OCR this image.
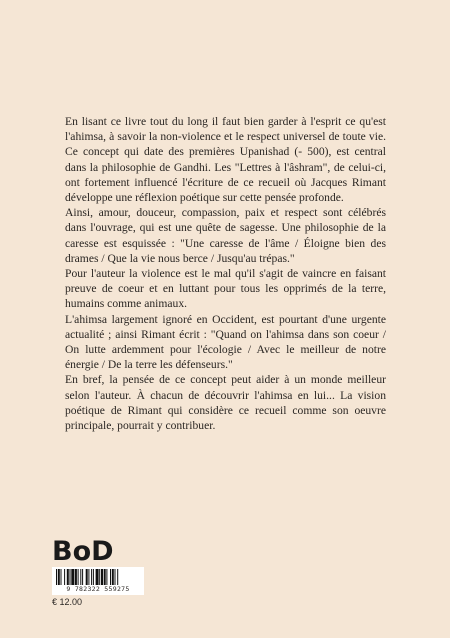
En lisant ce livre tout du long il faut bien garder à l'esprit ce qu'est l'ahimsa, à savoir la non-violence et le respect universel de toute vie. Ce concept qui date des premières Upanishad (- 500), est central dans la philosophie de Gandhi. Les "Lettres à l'âshram", de celui-ci, ont fortement influencé l'écriture de ce recueil où Jacques Rimant développe une réflexion poétique sur cette pensée profonde.

Ainsi, amour, douceur, compassion, paix et respect sont célébrés dans l'ouvrage, qui est une quête de sagesse. Une philosophie de la caresse est esquissée : "Une caresse de l'âme / Éloigne bien des drames / Que la vie nous berce / Jusqu'au trépas."

Pour l'auteur la violence est le mal qu'il s'agit de vaincre en faisant preuve de coeur et en luttant pour tous les opprimés de la terre, humains comme animaux.

L'ahimsa largement ignoré en Occident, est pourtant d'une urgente actualité ; ainsi Rimant écrit : "Quand on l'ahimsa dans son coeur / On lutte ardemment pour l'écologie / Avec le meilleur de notre énergie / De la terre les défenseurs."

En bref, la pensée de ce concept peut aider à un monde meilleur selon l'auteur. À chacun de découvrir l'ahimsa en lui... La vision poétique de Rimant qui considère ce recueil comme son oeuvre principale, pourrait y contribuer.

BoD
9 782322 559275
€ 12.00
